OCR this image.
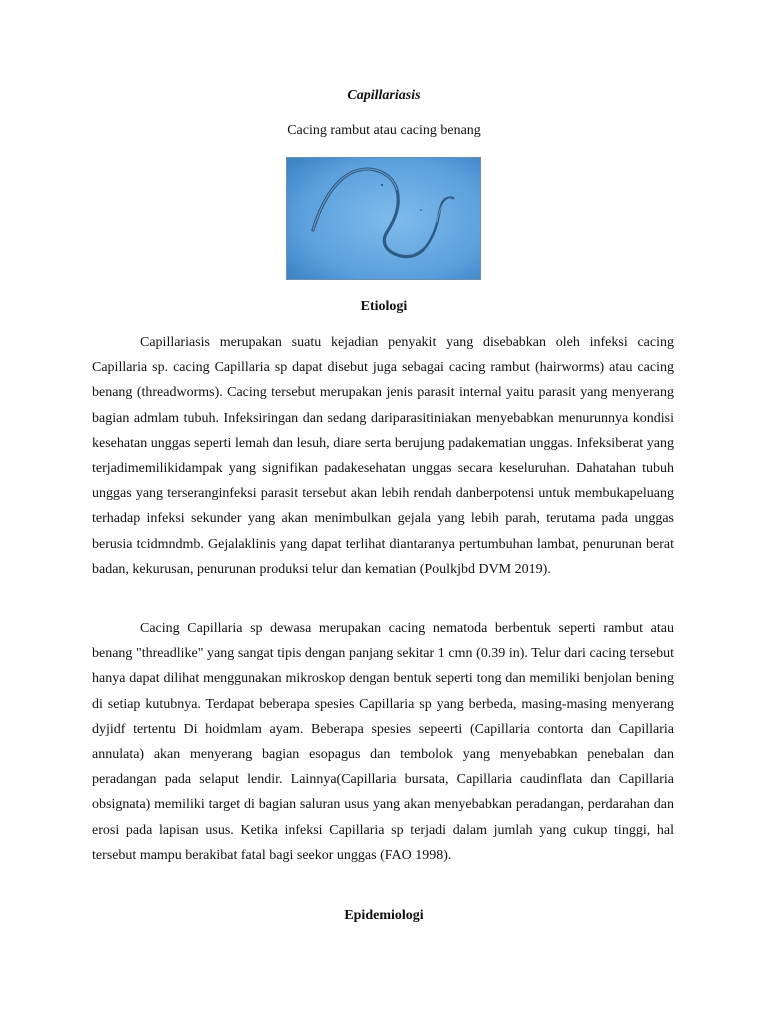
Capillariasis
Cacing rambut atau cacing benang
Etiologi

Capillariasis merupakan suatu kejadian penyakit yang disebabkan oleh infeksi cacing Capillaria sp. cacing Capillaria sp dapat disebut juga sebagai cacing rambut (hairworms) atau cacing benang (threadworms). Cacing tersebut merupakan jenis parasit internal yaitu parasit yang menyerang bagian admlam tubuh. Infeksiringan dan sedang dariparasitiniakan menyebabkan menurunnya kondisi kesehatan unggas seperti lemah dan lesuh, diare serta berujung padakematian unggas. Infeksiberat yang terjadimemilikidampak yang signifikan padakesehatan unggas secara keseluruhan. Dahatahan tubuh unggas yang terseranginfeksi parasit tersebut akan lebih rendah danberpotensi untuk membukapeluang terhadap infeksi sekunder yang akan menimbulkan gejala yang lebih parah, terutama pada unggas berusia tcidmndmb. Gejalaklinis yang dapat terlihat diantaranya pertumbuhan lambat, penurunan berat badan, kekurusan, penurunan produksi telur dan kematian (Poulkjbd DVM 2019).

Cacing Capillaria sp dewasa merupakan cacing nematoda berbentuk seperti rambut atau benang "threadlike" yang sangat tipis dengan panjang sekitar 1 cmn (0.39 in). Telur dari cacing tersebut hanya dapat dilihat menggunakan mikroskop dengan bentuk seperti tong dan memiliki benjolan bening di setiap kutubnya. Terdapat beberapa spesies Capillaria sp yang berbeda, masing-masing menyerang dyjidf tertentu Di hoidmlam ayam. Beberapa spesies sepeerti (Capillaria contorta dan Capillaria annulata) akan menyerang bagian esopagus dan tembolok yang menyebabkan penebalan dan peradangan pada selaput lendir. Lainnya(Capillaria bursata, Capillaria caudinflata dan Capillaria obsignata) memiliki target di bagian saluran usus yang akan menyebabkan peradangan, perdarahan dan erosi pada lapisan usus. Ketika infeksi Capillaria sp terjadi dalam jumlah yang cukup tinggi, hal tersebut mampu berakibat fatal bagi seekor unggas (FAO 1998).

Epidemiologi
